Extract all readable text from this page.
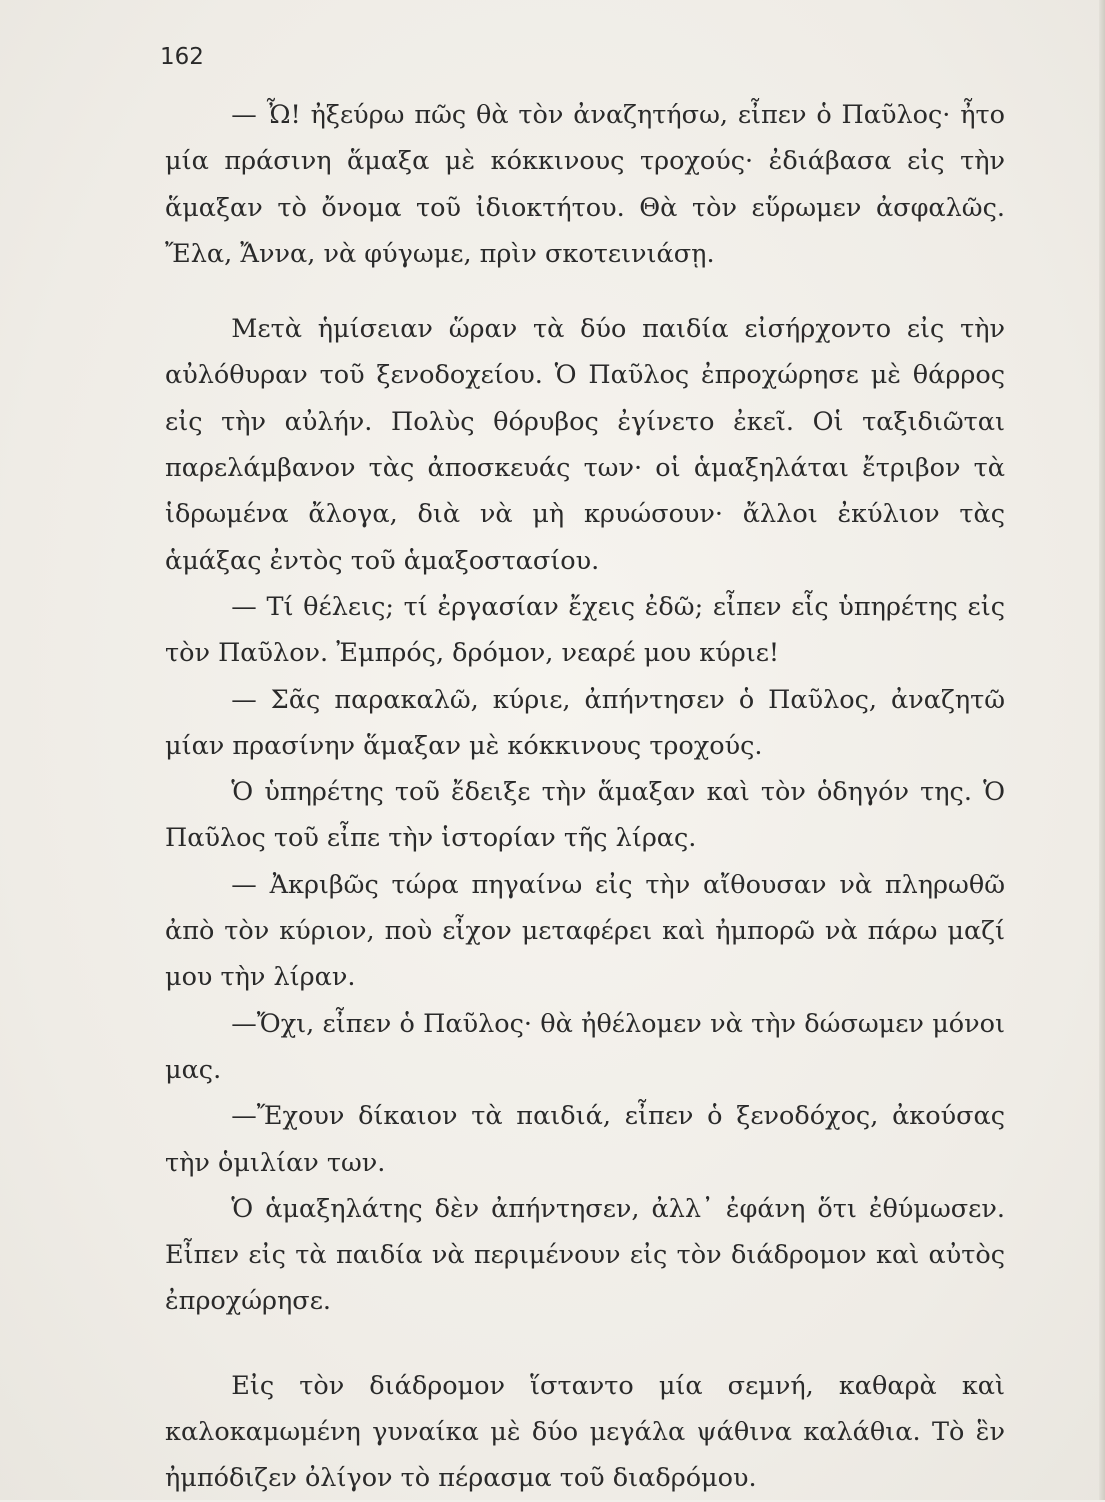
162

— Ὦ! ἠξεύρω πῶς θὰ τὸν ἀναζητήσω, εἶπεν ὁ Παῦλος· ἦτο μία πράσινη ἅμαξα μὲ κόκκινους τροχούς· ἐδιάβασα εἰς τὴν ἅμαξαν τὸ ὄνομα τοῦ ἰδιοκτήτου. Θὰ τὸν εὕρωμεν ἀσφαλῶς. Ἔλα, Ἄννα, νὰ φύγωμε, πρὶν σκοτεινιάσῃ.

Μετὰ ἡμίσειαν ὥραν τὰ δύο παιδία εἰσήρχοντο εἰς τὴν αὐλόθυραν τοῦ ξενοδοχείου. Ὁ Παῦλος ἐπροχώρησε μὲ θάρρος εἰς τὴν αὐλήν. Πολὺς θόρυβος ἐγίνετο ἐκεῖ. Οἱ ταξιδιῶται παρελάμβανον τὰς ἀποσκευάς των· οἱ ἁμαξηλάται ἔτριβον τὰ ἱδρωμένα ἄλογα, διὰ νὰ μὴ κρυώσουν· ἄλλοι ἐκύλιον τὰς ἁμάξας ἐντὸς τοῦ ἁμαξοστασίου.

— Τί θέλεις; τί ἐργασίαν ἔχεις ἐδῶ; εἶπεν εἷς ὑπηρέτης εἰς τὸν Παῦλον. Ἐμπρός, δρόμον, νεαρέ μου κύριε!

— Σᾶς παρακαλῶ, κύριε, ἀπήντησεν ὁ Παῦλος, ἀναζητῶ μίαν πρασίνην ἅμαξαν μὲ κόκκινους τροχούς.

Ὁ ὑπηρέτης τοῦ ἔδειξε τὴν ἅμαξαν καὶ τὸν ὁδηγόν της. Ὁ Παῦλος τοῦ εἶπε τὴν ἱστορίαν τῆς λίρας.

— Ἀκριβῶς τώρα πηγαίνω εἰς τὴν αἴθουσαν νὰ πληρωθῶ ἀπὸ τὸν κύριον, ποὺ εἶχον μεταφέρει καὶ ἠμπορῶ νὰ πάρω μαζί μου τὴν λίραν.

—Ὄχι, εἶπεν ὁ Παῦλος· θὰ ἠθέλομεν νὰ τὴν δώσωμεν μόνοι μας.

—Ἔχουν δίκαιον τὰ παιδιά, εἶπεν ὁ ξενοδόχος, ἀκούσας τὴν ὁμιλίαν των.

Ὁ ἁμαξηλάτης δὲν ἀπήντησεν, ἀλλ᾽ ἐφάνη ὅτι ἐθύμωσεν. Εἶπεν εἰς τὰ παιδία νὰ περιμένουν εἰς τὸν διάδρομον καὶ αὐτὸς ἐπροχώρησε.

Εἰς τὸν διάδρομον ἵσταντο μία σεμνή, καθαρὰ καὶ καλοκαμωμένη γυναίκα μὲ δύο μεγάλα ψάθινα καλάθια. Τὸ ἓν ἠμπόδιζεν ὀλίγον τὸ πέρασμα τοῦ διαδρόμου.
